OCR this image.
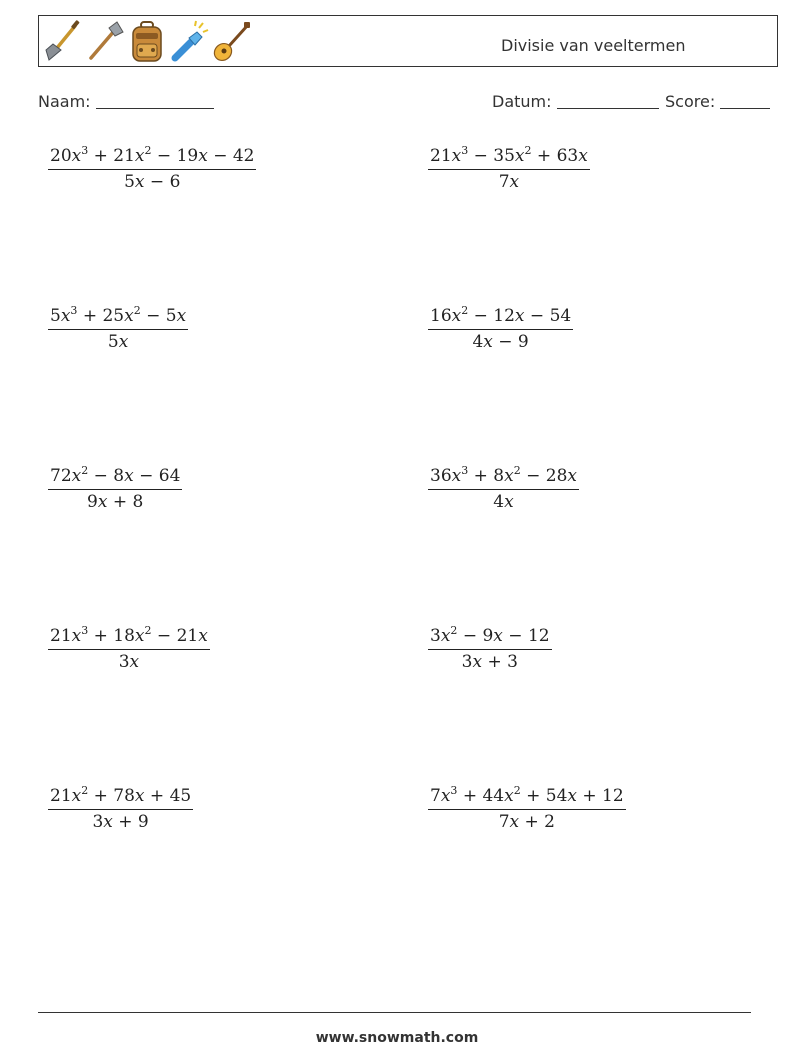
Divisie van veeltermen
Naam:	Datum:	Score:
$20x^3 + 21x^2 - 19x - 42$
5x − 6
$21x^3 - 35x^2 + 63x$
7x
$5x^3 + 25x^2 - 5x$
5x
$16x^2 - 12x - 54$
4x − 9
$72x^2 - 8x - 64$
9x + 8
$36x^3 + 8x^2 - 28x$
4x
$21x^3 + 18x^2 - 21x$
3x
$3x^2 - 9x - 12$
3x + 3
$21x^2 + 78x + 45$
3x + 9
$7x^3 + 44x^2 + 54x + 12$
7x + 2
www.snowmath.com
